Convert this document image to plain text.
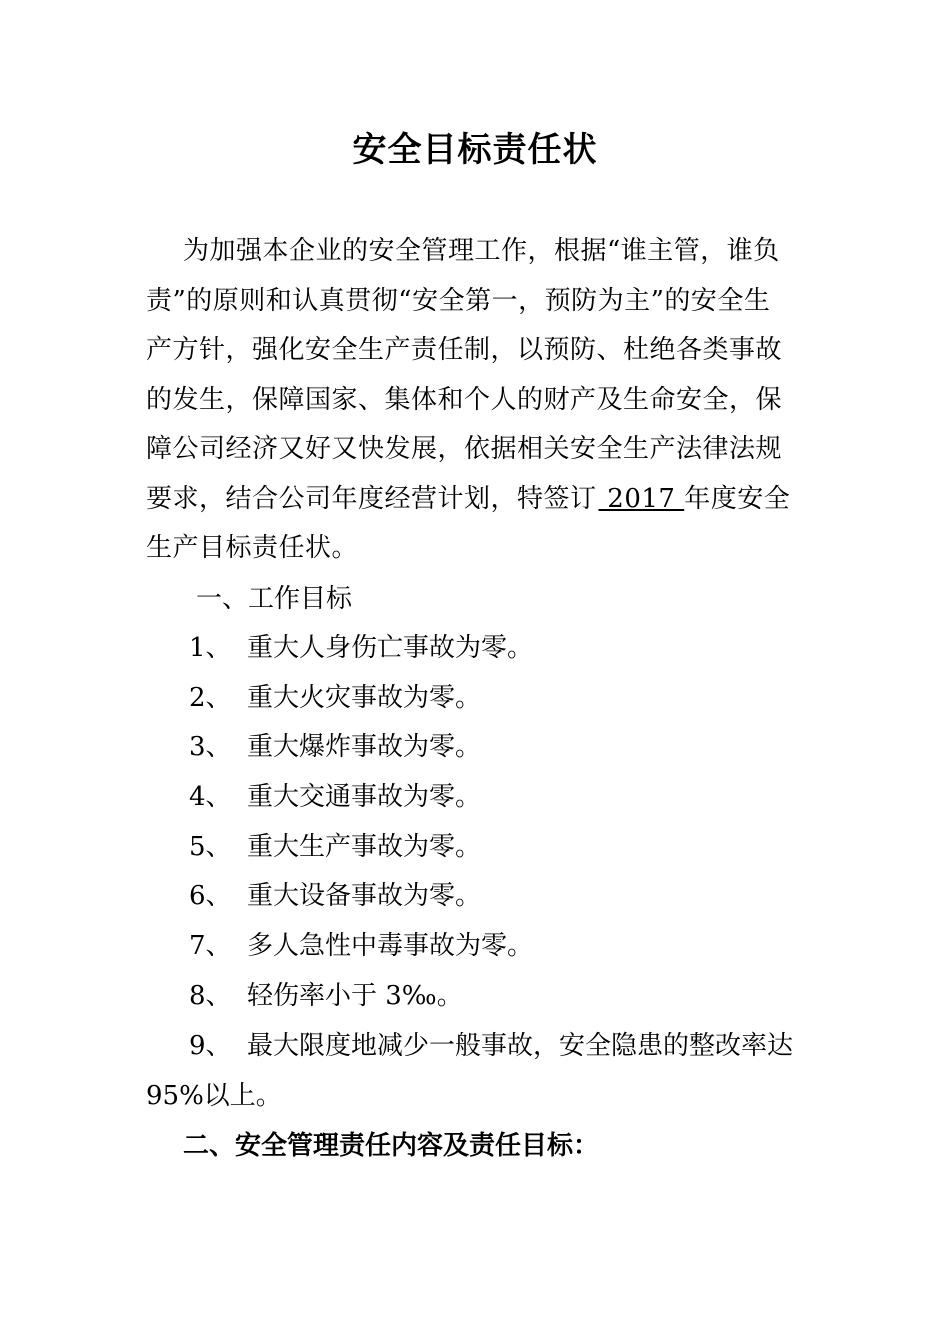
安全目标责任状
为加强本企业的安全管理工作，根据“谁主管，谁负责”的原则和认真贯彻“安全第一，预防为主”的安全生产方针，强化安全生产责任制，以预防、杜绝各类事故的发生，保障国家、集体和个人的财产及生命安全，保障公司经济又好又快发展，依据相关安全生产法律法规要求，结合公司年度经营计划，特签订 2017 年度安全生产目标责任状。
一、工作目标
1、 重大人身伤亡事故为零。
2、 重大火灾事故为零。
3、 重大爆炸事故为零。
4、 重大交通事故为零。
5、 重大生产事故为零。
6、 重大设备事故为零。
7、 多人急性中毒事故为零。
8、 轻伤率小于 3‰。
9、 最大限度地减少一般事故，安全隐患的整改率达95%以上。
二、安全管理责任内容及责任目标：
